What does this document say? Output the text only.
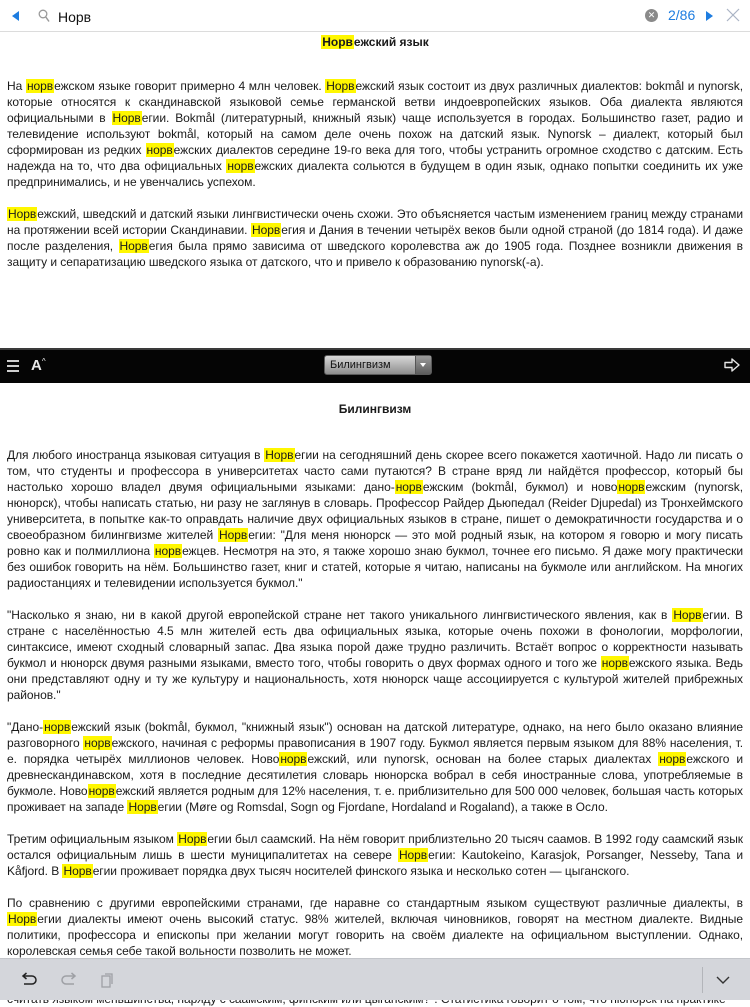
Норв
✕ 2/86
Норвежский язык

На норвежском языке говорит примерно 4 млн человек. Норвежский язык состоит из двух различных диалектов: bokmål и nynorsk, которые относятся к скандинавской языковой семье германской ветви индоевропейских языков. Оба диалекта являются официальными в Норвегии. Bokmål (литературный, книжный язык) чаще используется в городах. Большинство газет, радио и телевидение используют bokmål, который на самом деле очень похож на датский язык. Nynorsk – диалект, который был сформирован из редких норвежских диалектов середине 19-го века для того, чтобы устранить огромное сходство с датским. Есть надежда на то, что два официальных норвежских диалекта сольются в будущем в один язык, однако попытки соединить их уже предпринимались, и не увенчались успехом.

Норвежский, шведский и датский языки лингвистически очень схожи. Это объясняется частым изменением границ между странами на протяжении всей истории Скандинавии. Норвегия и Дания в течении четырёх веков были одной страной (до 1814 года). И даже после разделения, Норвегия была прямо зависима от шведского королевства аж до 1905 года. Позднее возникли движения в защиту и сепаратизацию шведского языка от датского, что и привело к образованию nynorsk(-a).

A^	Билингвизм
Билингвизм

Для любого иностранца языковая ситуация в Норвегии на сегодняшний день скорее всего покажется хаотичной. Надо ли писать о том, что студенты и профессора в университетах часто сами путаются? В стране вряд ли найдётся профессор, который бы настолько хорошо владел двумя официальными языками: дано-норвежским (bokmål, букмол) и новонорвежским (nynorsk, нюнорск), чтобы написать статью, ни разу не заглянув в словарь. Профессор Райдер Дьюпедал (Reider Djupedal) из Тронхеймского университета, в попытке как-то оправдать наличие двух официальных языков в стране, пишет о демократичности государства и о своеобразном билингвизме жителей Норвегии: "Для меня нюнорск — это мой родный язык, на котором я говорю и могу писать ровно как и полмиллиона норвежцев. Несмотря на это, я также хорошо знаю букмол, точнее его письмо. Я даже могу практически без ошибок говорить на нём. Большинство газет, книг и статей, которые я читаю, написаны на букмоле или английском. На многих радиостанциях и телевидении используется букмол."

"Насколько я знаю, ни в какой другой европейской стране нет такого уникального лингвистического явления, как в Норвегии. В стране с населённостью 4.5 млн жителей есть два официальных языка, которые очень похожи в фонологии, морфологии, синтаксисе, имеют сходный словарный запас. Два языка порой даже трудно различить. Встаёт вопрос о корректности называть букмол и нюнорск двумя разными языками, вместо того, чтобы говорить о двух формах одного и того же норвежского языка. Ведь они представляют одну и ту же культуру и национальность, хотя нюнорск чаще ассоциируется с культурой жителей прибрежных районов."

"Дано-норвежский язык (bokmål, букмол, "книжный язык") основан на датской литературе, однако, на него было оказано влияние разговорного норвежского, начиная с реформы правописания в 1907 году. Букмол является первым языком для 88% населения, т. е. порядка четырёх миллионов человек. Новонорвежский, или nynorsk, основан на более старых диалектах норвежского и древнескандинавском, хотя в последние десятилетия словарь нюнорска вобрал в себя иностранные слова, употребляемые в букмоле. Новонорвежский является родным для 12% населения, т. е. приблизительно для 500 000 человек, большая часть которых проживает на западе Норвегии (Møre og Romsdal, Sogn og Fjordane, Hordaland и Rogaland), а также в Осло.

Третим официальным языком Норвегии был саамский. На нём говорит приблизтельно 20 тысяч саамов. В 1992 году саамский язык остался официальным лишь в шести муниципалитетах на севере Норвегии: Kautokeino, Karasjok, Porsanger, Nesseby, Tana и Kåfjord. В Норвегии проживает порядка двух тысяч носителей финского языка и несколько сотен — цыганского.

По сравнению с другими европейскими странами, где наравне со стандартным языком существуют различные диалекты, в Норвегии диалекты имеют очень высокий статус. 98% жителей, включая чиновников, говорят на местном диалекте. Видные политики, профессора и епископы при желании могут говорить на своём диалекте на официальном выступлении. Однако, королевская семья себе такой вольности позволить не может.
